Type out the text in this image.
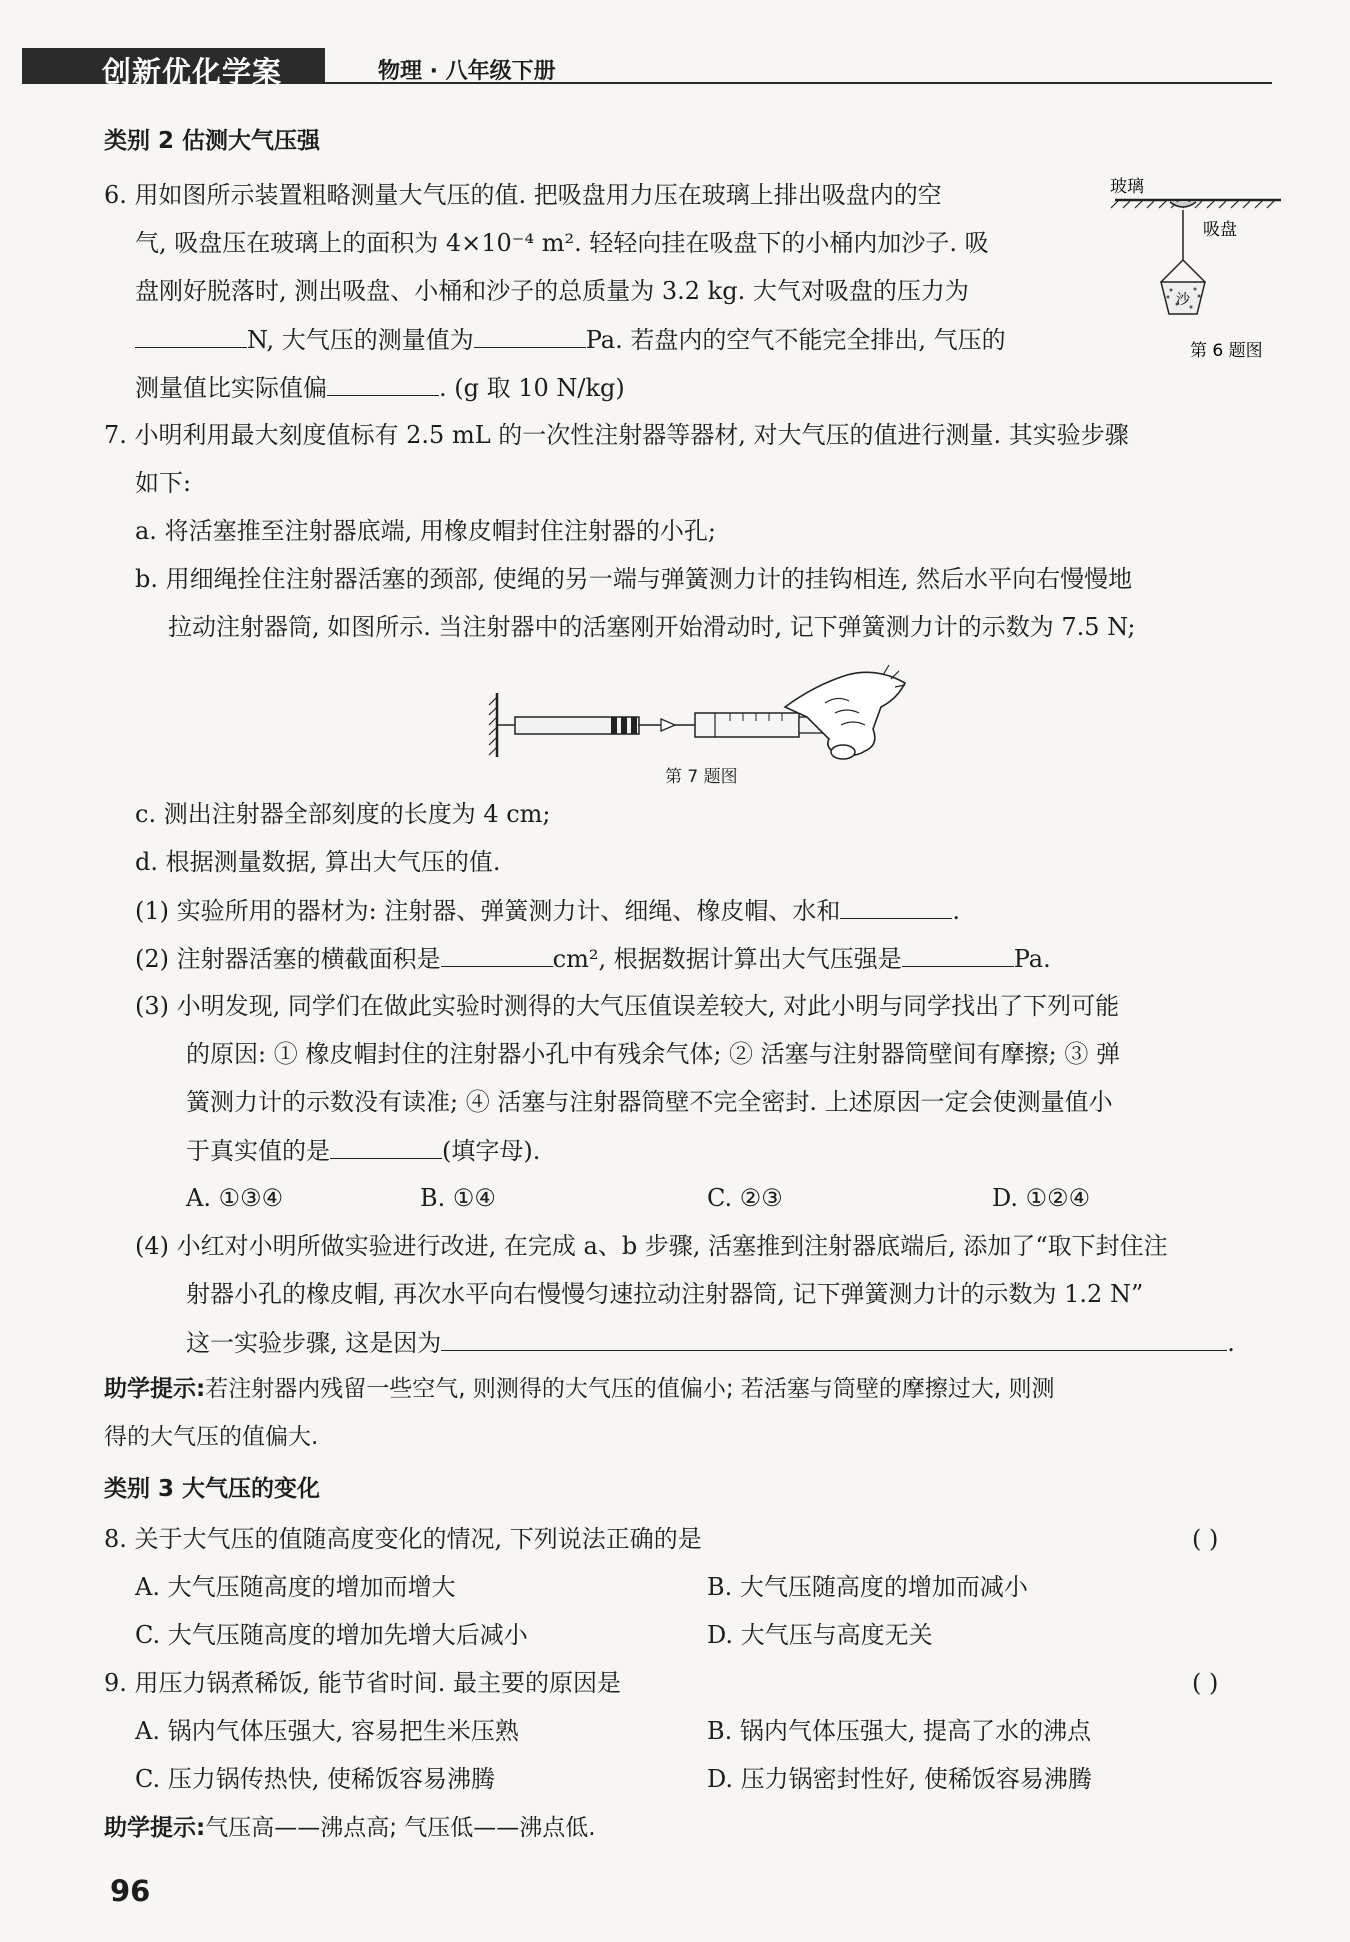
创新优化学案	物理 · 八年级下册
类别 2 估测大气压强
6. 用如图所示装置粗略测量大气压的值. 把吸盘用力压在玻璃上排出吸盘内的空
气, 吸盘压在玻璃上的面积为 4×10⁻⁴ m². 轻轻向挂在吸盘下的小桶内加沙子. 吸
盘刚好脱落时, 测出吸盘、小桶和沙子的总质量为 3.2 kg. 大气对吸盘的压力为
N, 大气压的测量值为	Pa. 若盘内的空气不能完全排出, 气压的
测量值比实际值偏	. (g 取 10 N/kg)
第 6 题图
玻璃
吸盘
沙
7. 小明利用最大刻度值标有 2.5 mL 的一次性注射器等器材, 对大气压的值进行测量. 其实验步骤
如下:
a. 将活塞推至注射器底端, 用橡皮帽封住注射器的小孔;
b. 用细绳拴住注射器活塞的颈部, 使绳的另一端与弹簧测力计的挂钩相连, 然后水平向右慢慢地
拉动注射器筒, 如图所示. 当注射器中的活塞刚开始滑动时, 记下弹簧测力计的示数为 7.5 N;
第 7 题图
c. 测出注射器全部刻度的长度为 4 cm;
d. 根据测量数据, 算出大气压的值.
(1) 实验所用的器材为: 注射器、弹簧测力计、细绳、橡皮帽、水和	.
(2) 注射器活塞的横截面积是	cm², 根据数据计算出大气压强是	Pa.
(3) 小明发现, 同学们在做此实验时测得的大气压值误差较大, 对此小明与同学找出了下列可能
的原因: ① 橡皮帽封住的注射器小孔中有残余气体; ② 活塞与注射器筒壁间有摩擦; ③ 弹
簧测力计的示数没有读准; ④ 活塞与注射器筒壁不完全密封. 上述原因一定会使测量值小
于真实值的是	(填字母).
A. ①③④	B. ①④	C. ②③	D. ①②④
(4) 小红对小明所做实验进行改进, 在完成 a、b 步骤, 活塞推到注射器底端后, 添加了“取下封住注
射器小孔的橡皮帽, 再次水平向右慢慢匀速拉动注射器筒, 记下弹簧测力计的示数为 1.2 N”
这一实验步骤, 这是因为	.
助学提示:若注射器内残留一些空气, 则测得的大气压的值偏小; 若活塞与筒壁的摩擦过大, 则测
得的大气压的值偏大.
类别 3 大气压的变化
8. 关于大气压的值随高度变化的情况, 下列说法正确的是	( )
A. 大气压随高度的增加而增大	B. 大气压随高度的增加而减小
C. 大气压随高度的增加先增大后减小	D. 大气压与高度无关
9. 用压力锅煮稀饭, 能节省时间. 最主要的原因是	( )
A. 锅内气体压强大, 容易把生米压熟	B. 锅内气体压强大, 提高了水的沸点
C. 压力锅传热快, 使稀饭容易沸腾	D. 压力锅密封性好, 使稀饭容易沸腾
助学提示:气压高——沸点高; 气压低——沸点低.
96
